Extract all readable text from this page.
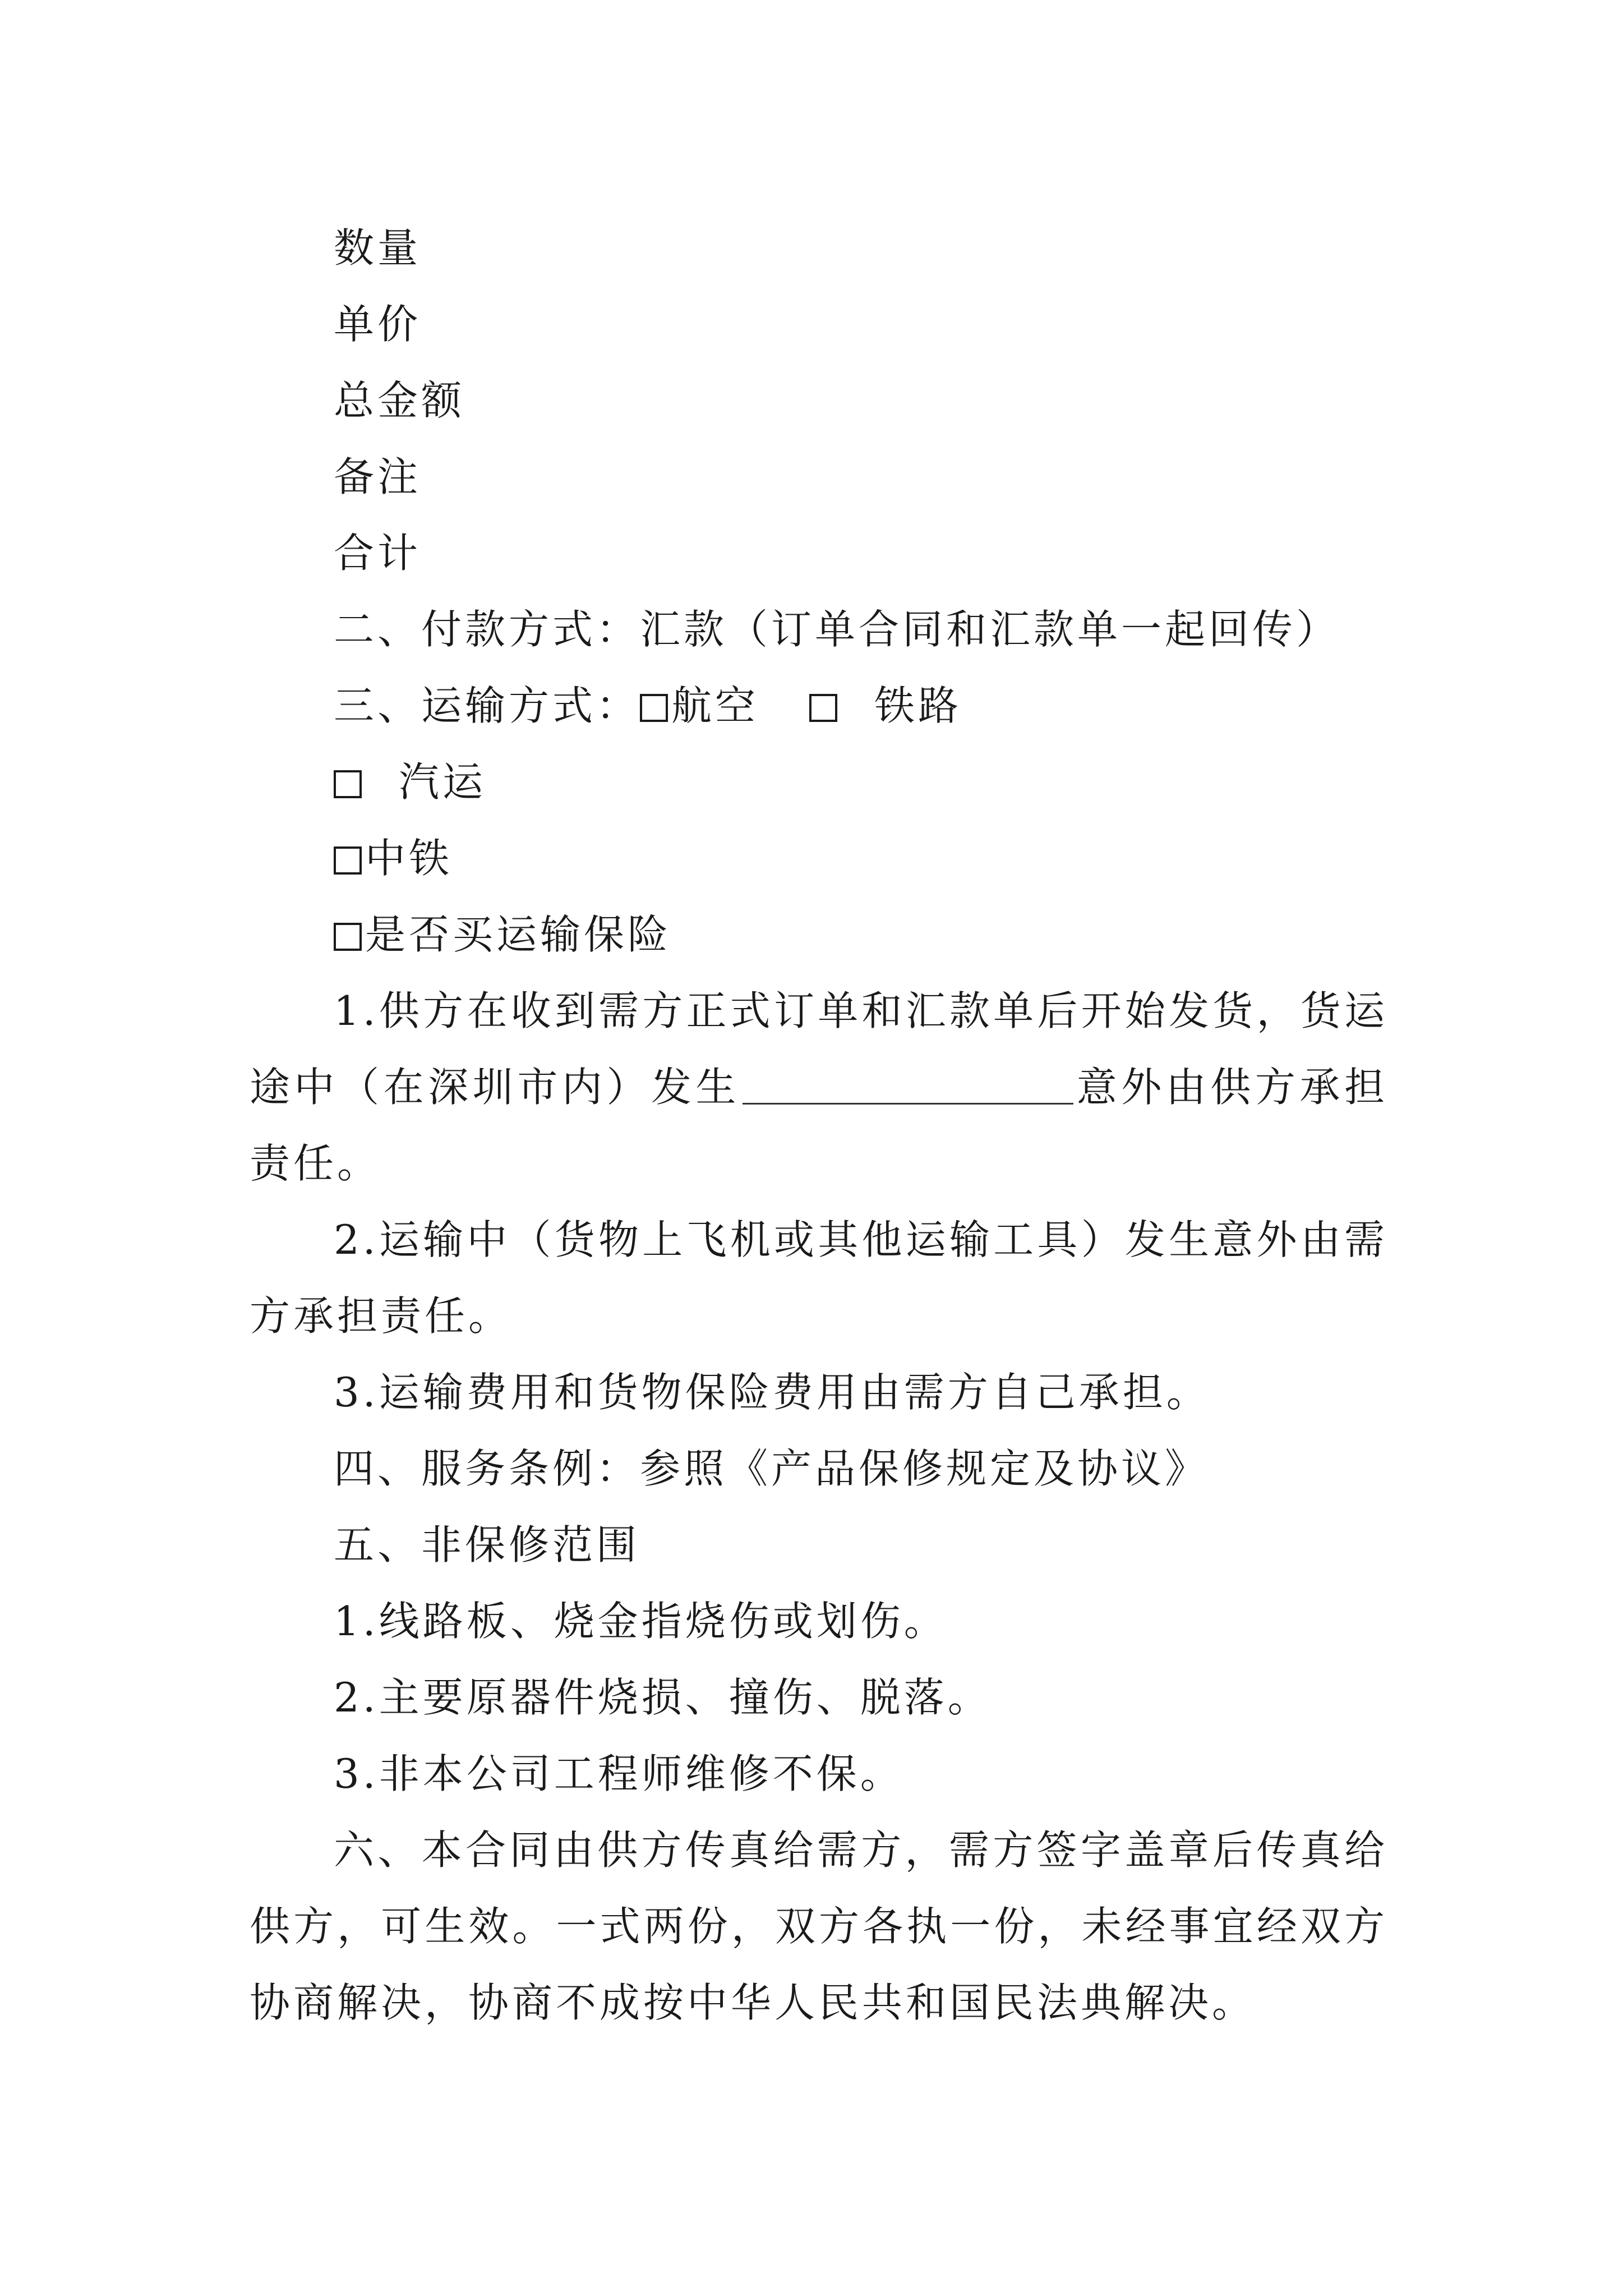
数量

单价

总金额

备注

合计

二、付款方式：汇款（订单合同和汇款单一起回传）

三、运输方式： 航空	铁路

汽运

中铁

是否买运输保险

1.供方在收到需方正式订单和汇款单后开始发货，货运途中（在深圳市内）发生	意外由供方承担责任。

2.运输中（货物上飞机或其他运输工具）发生意外由需方承担责任。

3.运输费用和货物保险费用由需方自己承担。

四、服务条例：参照《产品保修规定及协议》

五、非保修范围

1.线路板、烧金指烧伤或划伤。

2.主要原器件烧损、撞伤、脱落。

3.非本公司工程师维修不保。

六、本合同由供方传真给需方，需方签字盖章后传真给供方，可生效。一式两份，双方各执一份，未经事宜经双方协商解决，协商不成按中华人民共和国民法典解决。
